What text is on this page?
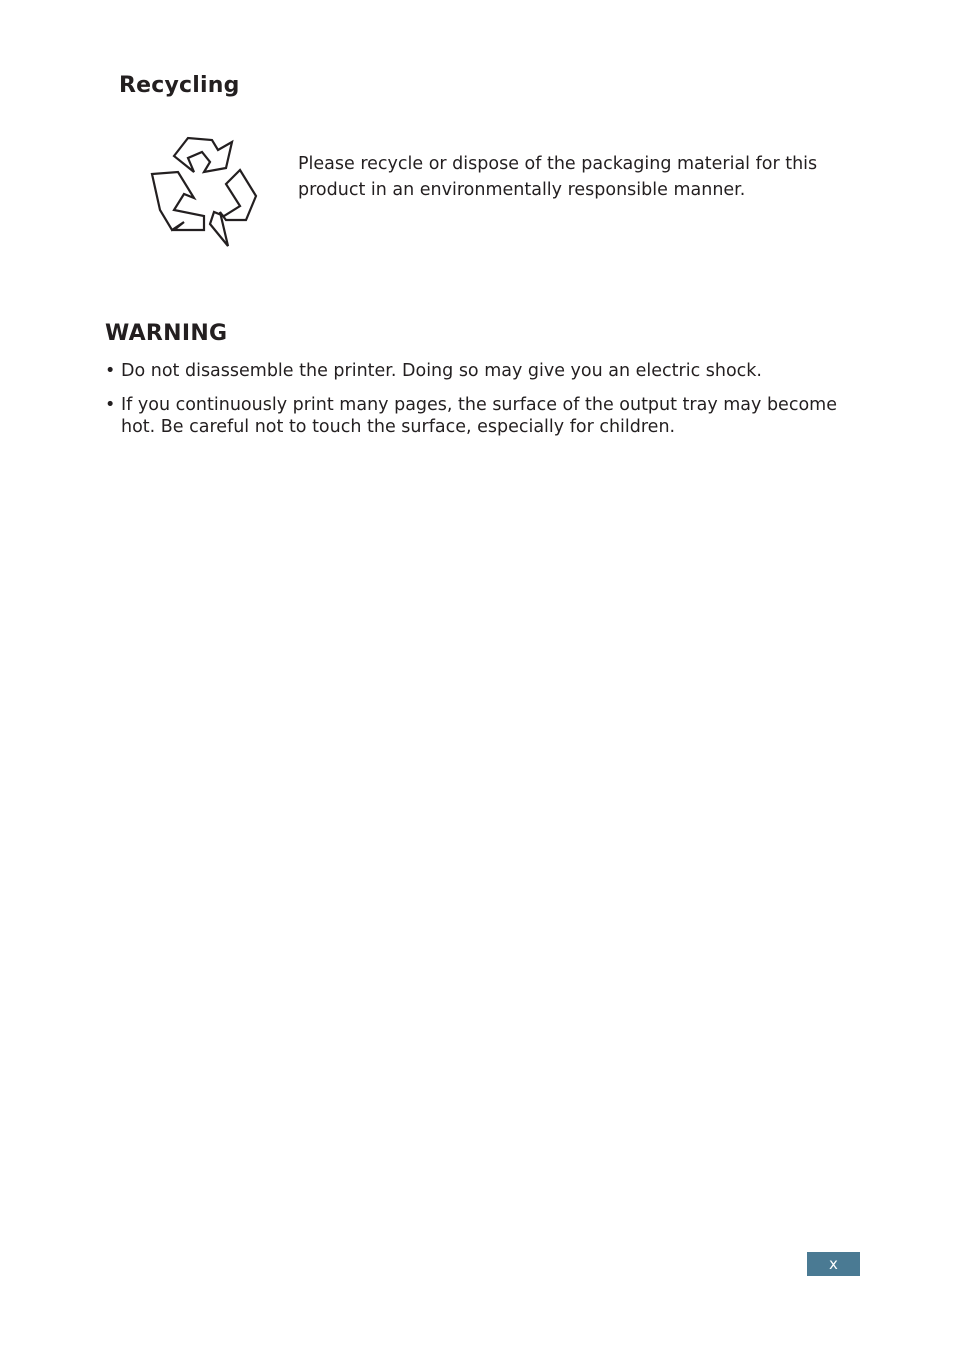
Recycling

Please recycle or dispose of the packaging material for this product in an environmentally responsible manner.

WARNING
• Do not disassemble the printer. Doing so may give you an electric shock.
• If you continuously print many pages, the surface of the output tray may become hot. Be careful not to touch the surface, especially for children.
x
